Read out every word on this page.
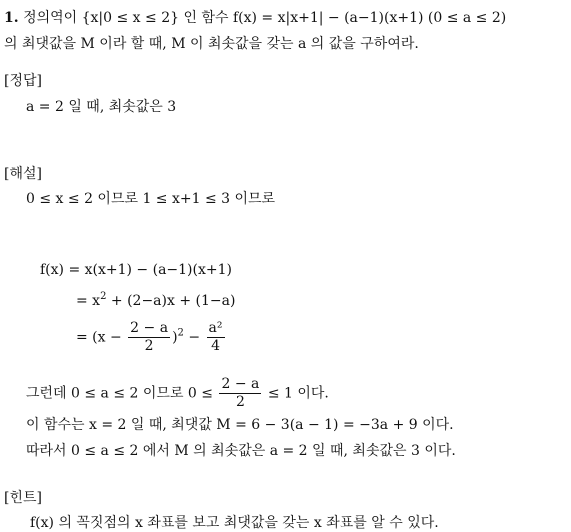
1. 정의역이 {x|0 ≤ x ≤ 2} 인 함수 f(x) = x|x+1| − (a−1)(x+1) (0 ≤ a ≤ 2)
의 최댓값을 M 이라 할 때, M 이 최솟값을 갖는 a 의 값을 구하여라.
[정답]
a = 2 일 때, 최솟값은 3
[해설]
0 ≤ x ≤ 2 이므로 1 ≤ x+1 ≤ 3 이므로
f(x) = x(x+1) − (a−1)(x+1)
= $x^2 + (2-a)x + (1-a)$
= $(x - \frac{2 - a}{2} )^2 - \frac{\text{a²}}{4}$
그런데 0 ≤ a ≤ 2 이므로 $0 \le \frac{2 - a}{2} \le 1$ 이다.
이 함수는 x = 2 일 때, 최댓값 M = 6 − 3(a − 1) = −3a + 9 이다.
따라서 0 ≤ a ≤ 2 에서 M 의 최솟값은 a = 2 일 때, 최솟값은 3 이다.
[힌트]
f(x) 의 꼭짓점의 x 좌표를 보고 최댓값을 갖는 x 좌표를 알 수 있다.
